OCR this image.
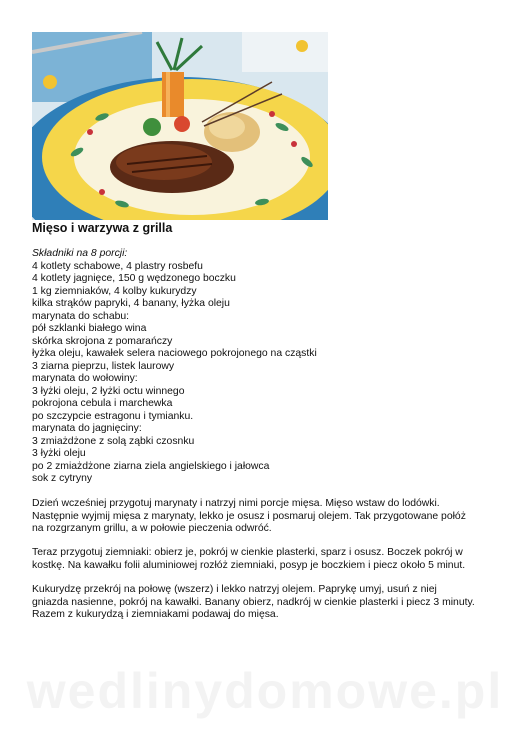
Mięso i warzywa z grilla
Składniki na 8 porcji:
4 kotlety schabowe, 4 plastry rosbefu
4 kotlety jagnięce, 150 g wędzonego boczku
1 kg ziemniaków, 4 kolby kukurydzy
kilka strąków papryki, 4 banany, łyżka oleju
marynata do schabu:
pół szklanki białego wina
skórka skrojona z pomarańczy
łyżka oleju, kawałek selera naciowego pokrojonego na cząstki
3 ziarna pieprzu, listek laurowy
marynata do wołowiny:
3 łyżki oleju, 2 łyżki octu winnego
pokrojona cebula i marchewka
po szczypcie estragonu i tymianku.
marynata do jagnięciny:
3 zmiażdżone z solą ząbki czosnku
3 łyżki oleju
po 2 zmiażdżone ziarna ziela angielskiego i jałowca
sok z cytryny
Dzień wcześniej przygotuj marynaty i natrzyj nimi porcje mięsa. Mięso wstaw do lodówki.
Następnie wyjmij mięsa z marynaty, lekko je osusz i posmaruj olejem. Tak przygotowane połóż
na rozgrzanym grillu, a w połowie pieczenia odwróć.
Teraz przygotuj ziemniaki: obierz je, pokrój w cienkie plasterki, sparz i osusz. Boczek pokrój w
kostkę. Na kawałku folii aluminiowej rozłóż ziemniaki, posyp je boczkiem i piecz około 5 minut.
Kukurydzę przekrój na połowę (wszerz) i lekko natrzyj olejem. Paprykę umyj, usuń z niej
gniazda nasienne, pokrój na kawałki. Banany obierz, nadkrój w cienkie plasterki i piecz 3 minuty.
Razem z kukurydzą i ziemniakami podawaj do mięsa.
wedlinydomowe.pl
